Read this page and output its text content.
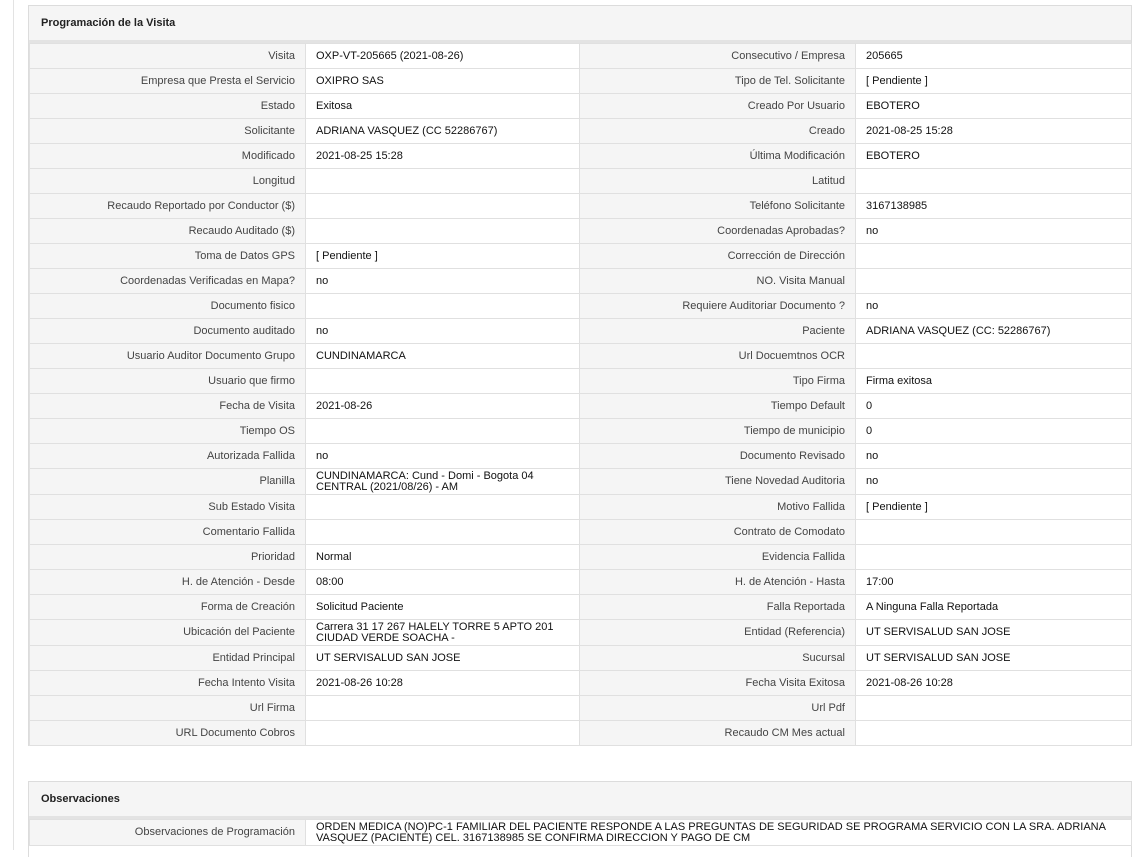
Programación de la Visita
Visita	OXP-VT-205665 (2021-08-26)	Consecutivo / Empresa	205665
Empresa que Presta el Servicio	OXIPRO SAS	Tipo de Tel. Solicitante	[ Pendiente ]
Estado	Exitosa	Creado Por Usuario	EBOTERO
Solicitante	ADRIANA VASQUEZ (CC 52286767)	Creado	2021-08-25 15:28
Modificado	2021-08-25 15:28	Última Modificación	EBOTERO
Longitud		Latitud	
Recaudo Reportado por Conductor ($)		Teléfono Solicitante	3167138985
Recaudo Auditado ($)		Coordenadas Aprobadas?	no
Toma de Datos GPS	[ Pendiente ]	Corrección de Dirección	
Coordenadas Verificadas en Mapa?	no	NO. Visita Manual	
Documento fisico		Requiere Auditoriar Documento ?	no
Documento auditado	no	Paciente	ADRIANA VASQUEZ (CC: 52286767)
Usuario Auditor Documento Grupo	CUNDINAMARCA	Url Docuemtnos OCR	
Usuario que firmo		Tipo Firma	Firma exitosa
Fecha de Visita	2021-08-26	Tiempo Default	0
Tiempo OS		Tiempo de municipio	0
Autorizada Fallida	no	Documento Revisado	no
Planilla	CUNDINAMARCA: Cund - Domi - Bogota 04 CENTRAL (2021/08/26) - AM	Tiene Novedad Auditoria	no
Sub Estado Visita		Motivo Fallida	[ Pendiente ]
Comentario Fallida		Contrato de Comodato	
Prioridad	Normal	Evidencia Fallida	
H. de Atención - Desde	08:00	H. de Atención - Hasta	17:00
Forma de Creación	Solicitud Paciente	Falla Reportada	A Ninguna Falla Reportada
Ubicación del Paciente	Carrera 31 17 267 HALELY TORRE 5 APTO 201 CIUDAD VERDE SOACHA -	Entidad (Referencia)	UT SERVISALUD SAN JOSE
Entidad Principal	UT SERVISALUD SAN JOSE	Sucursal	UT SERVISALUD SAN JOSE
Fecha Intento Visita	2021-08-26 10:28	Fecha Visita Exitosa	2021-08-26 10:28
Url Firma		Url Pdf	
URL Documento Cobros		Recaudo CM Mes actual	
Observaciones
Observaciones de Programación	ORDEN MEDICA (NO)PC-1 FAMILIAR DEL PACIENTE RESPONDE A LAS PREGUNTAS DE SEGURIDAD SE PROGRAMA SERVICIO CON LA SRA. ADRIANA VASQUEZ (PACIENTE) CEL. 3167138985 SE CONFIRMA DIRECCION Y PAGO DE CM
